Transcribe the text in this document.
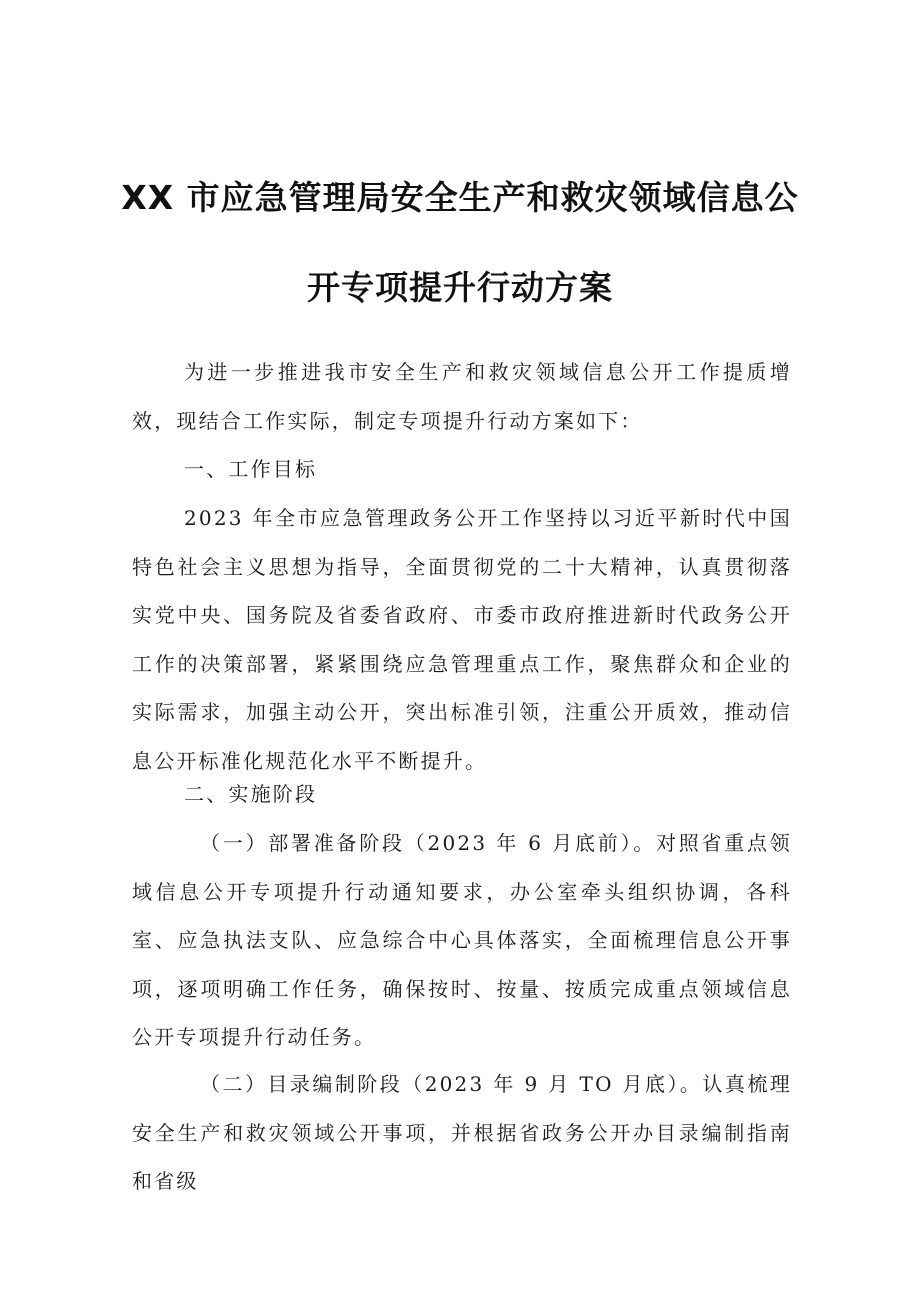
XX 市应急管理局安全生产和救灾领域信息公
开专项提升行动方案

为进一步推进我市安全生产和救灾领域信息公开工作提质增效，现结合工作实际，制定专项提升行动方案如下：

一、工作目标

2023 年全市应急管理政务公开工作坚持以习近平新时代中国特色社会主义思想为指导，全面贯彻党的二十大精神，认真贯彻落实党中央、国务院及省委省政府、市委市政府推进新时代政务公开工作的决策部署，紧紧围绕应急管理重点工作，聚焦群众和企业的实际需求，加强主动公开，突出标准引领，注重公开质效，推动信息公开标准化规范化水平不断提升。

二、实施阶段

（一）部署准备阶段（2023 年 6 月底前）。对照省重点领域信息公开专项提升行动通知要求，办公室牵头组织协调，各科室、应急执法支队、应急综合中心具体落实，全面梳理信息公开事项，逐项明确工作任务，确保按时、按量、按质完成重点领域信息公开专项提升行动任务。

（二）目录编制阶段（2023 年 9 月 TO 月底）。认真梳理安全生产和救灾领域公开事项，并根据省政务公开办目录编制指南和省级
